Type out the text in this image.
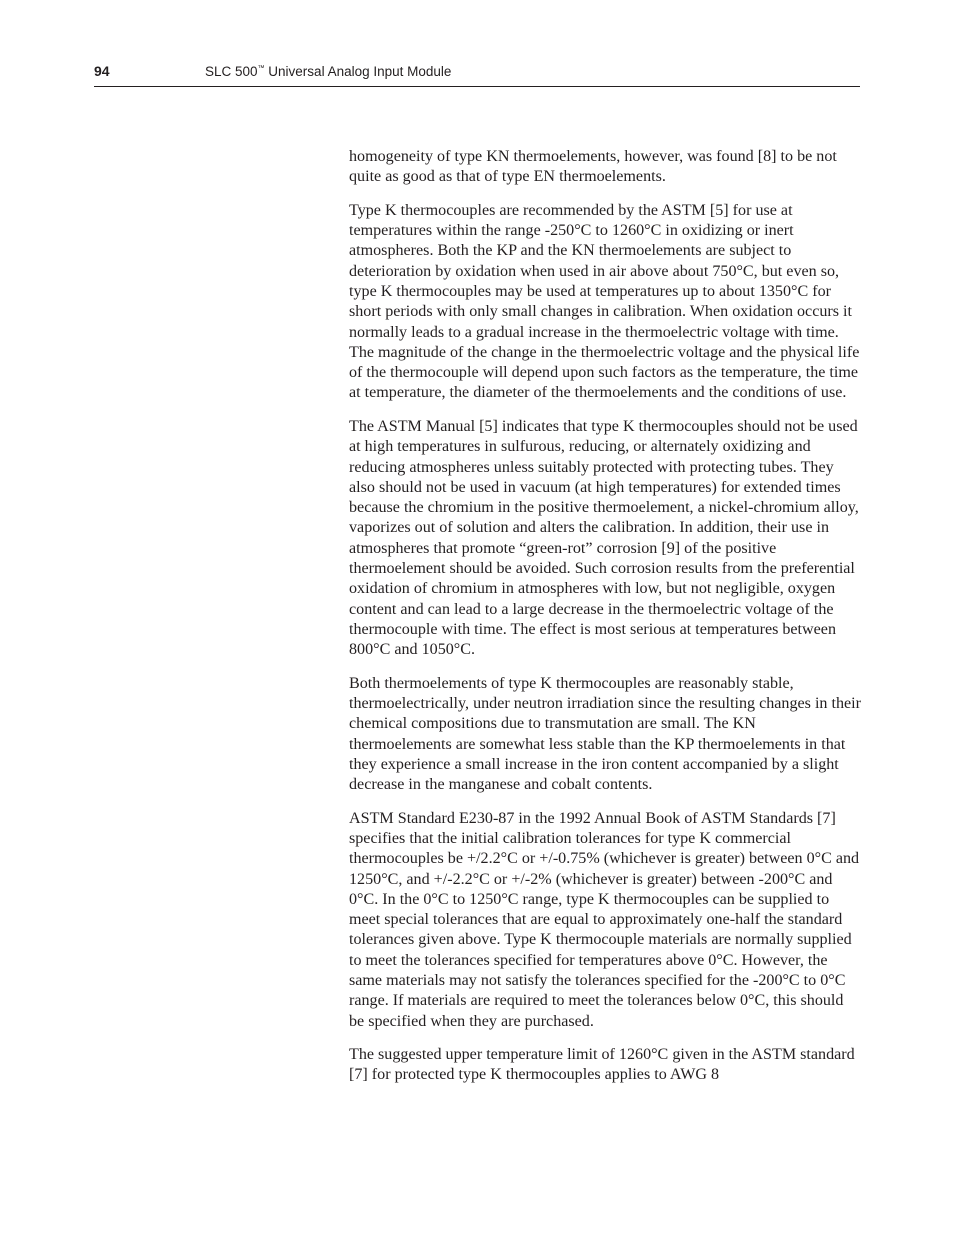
94	SLC 500™ Universal Analog Input Module

homogeneity of type KN thermoelements, however, was found [8] to be not quite as good as that of type EN thermoelements.

Type K thermocouples are recommended by the ASTM [5] for use at temperatures within the range -250°C to 1260°C in oxidizing or inert atmospheres. Both the KP and the KN thermoelements are subject to deterioration by oxidation when used in air above about 750°C, but even so, type K thermocouples may be used at temperatures up to about 1350°C for short periods with only small changes in calibration. When oxidation occurs it normally leads to a gradual increase in the thermoelectric voltage with time. The magnitude of the change in the thermoelectric voltage and the physical life of the thermocouple will depend upon such factors as the temperature, the time at temperature, the diameter of the thermoelements and the conditions of use.

The ASTM Manual [5] indicates that type K thermocouples should not be used at high temperatures in sulfurous, reducing, or alternately oxidizing and reducing atmospheres unless suitably protected with protecting tubes. They also should not be used in vacuum (at high temperatures) for extended times because the chromium in the positive thermoelement, a nickel-chromium alloy, vaporizes out of solution and alters the calibration. In addition, their use in atmospheres that promote “green-rot” corrosion [9] of the positive thermoelement should be avoided. Such corrosion results from the preferential oxidation of chromium in atmospheres with low, but not negligible, oxygen content and can lead to a large decrease in the thermoelectric voltage of the thermocouple with time. The effect is most serious at temperatures between 800°C and 1050°C.

Both thermoelements of type K thermocouples are reasonably stable, thermoelectrically, under neutron irradiation since the resulting changes in their chemical compositions due to transmutation are small. The KN thermoelements are somewhat less stable than the KP thermoelements in that they experience a small increase in the iron content accompanied by a slight decrease in the manganese and cobalt contents.

ASTM Standard E230-87 in the 1992 Annual Book of ASTM Standards [7] specifies that the initial calibration tolerances for type K commercial thermocouples be +/2.2°C or +/-0.75% (whichever is greater) between 0°C and 1250°C, and +/-2.2°C or +/-2% (whichever is greater) between -200°C and 0°C. In the 0°C to 1250°C range, type K thermocouples can be supplied to meet special tolerances that are equal to approximately one-half the standard tolerances given above. Type K thermocouple materials are normally supplied to meet the tolerances specified for temperatures above 0°C. However, the same materials may not satisfy the tolerances specified for the -200°C to 0°C range. If materials are required to meet the tolerances below 0°C, this should be specified when they are purchased.

The suggested upper temperature limit of 1260°C given in the ASTM standard [7] for protected type K thermocouples applies to AWG 8
